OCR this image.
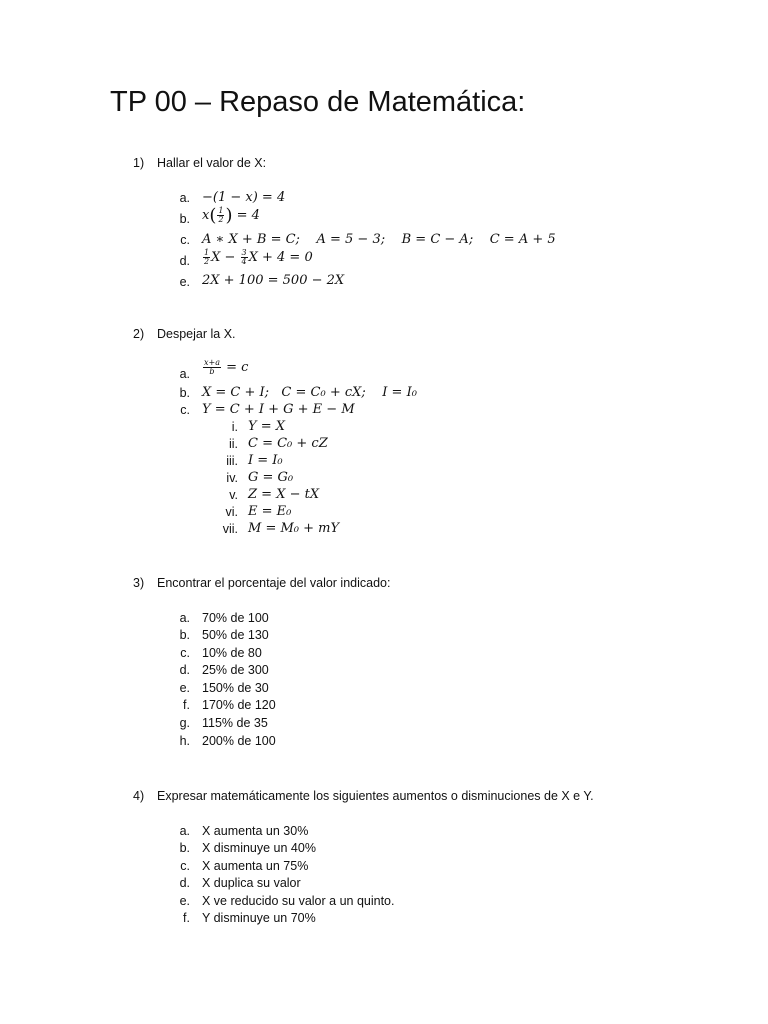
TP 00 – Repaso de Matemática:
1) Hallar el valor de X:
a. −(1 − x) = 4
b. $x( \frac{1}{2}$ ) = 4
c. A ∗ X + B = C;    A = 5 − 3;    B = C − A;    C = A + 5
d. $\frac{1}{2}$ $X - \frac{3}{4}$ X + 4 = 0
e. 2X + 100 = 500 − 2X
2) Despejar la X.
a. $\frac{x+a}{b} = c$
b. X = C + I;   C = C₀ + cX;    I = I₀
c. Y = C + I + G + E − M
i. Y = X
ii. C = C₀ + cZ
iii. I = I₀
iv. G = G₀
v. Z = X − tX
vi. E = E₀
vii. M = M₀ + mY
3) Encontrar el porcentaje del valor indicado:
a. 70% de 100
b. 50% de 130
c. 10% de 80
d. 25% de 300
e. 150% de 30
f. 170% de 120
g. 115% de 35
h. 200% de 100
4) Expresar matemáticamente los siguientes aumentos o disminuciones de X e Y.
a. X aumenta un 30%
b. X disminuye un 40%
c. X aumenta un 75%
d. X duplica su valor
e. X ve reducido su valor a un quinto.
f. Y disminuye un 70%
